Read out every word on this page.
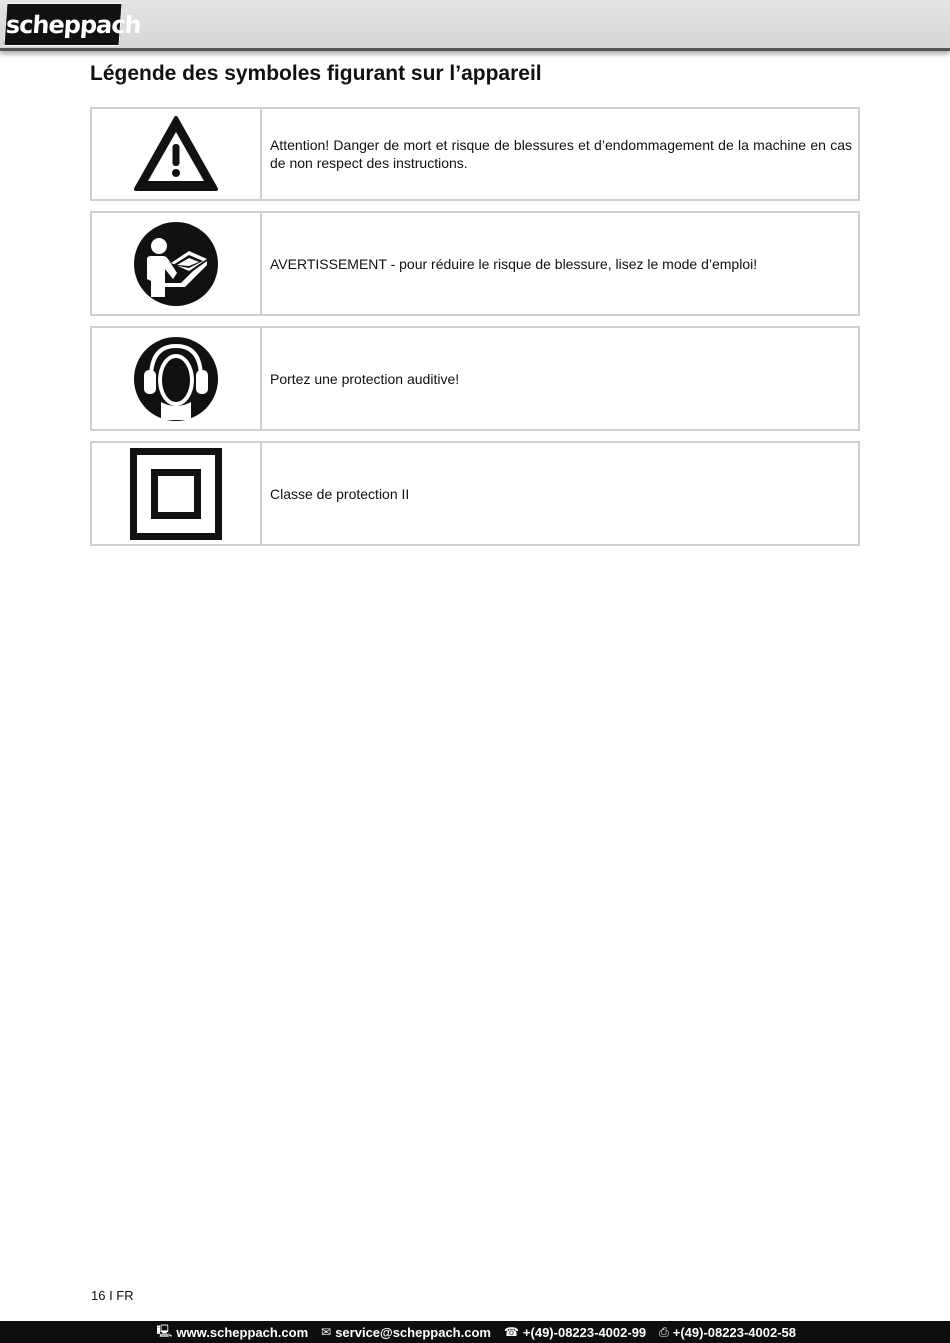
scheppach
Légende des symboles figurant sur l’appareil
Attention! Danger de mort et risque de blessures et d’endommagement de la machine en cas de non respect des instructions.
AVERTISSEMENT - pour réduire le risque de blessure, lisez le mode d’emploi!
Portez une protection auditive!
Classe de protection II
16 I FR
🖳 www.scheppach.com ✉ service@scheppach.com ☎ +(49)-08223-4002-99 ⎙ +(49)-08223-4002-58
